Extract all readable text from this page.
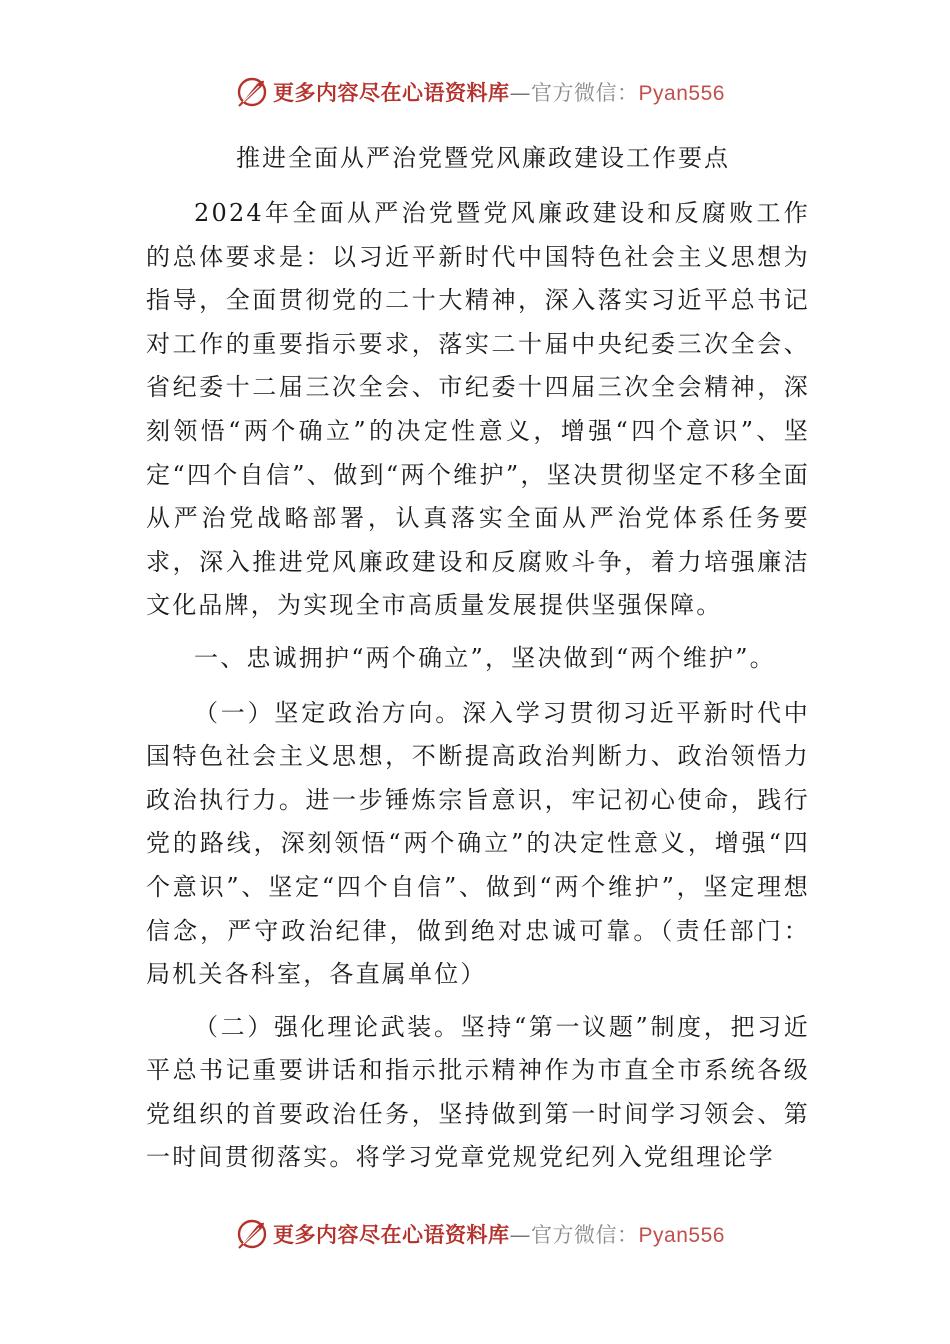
更多内容尽在心语资料库—官方微信：Pyan556
推进全面从严治党暨党风廉政建设工作要点

2024年全面从严治党暨党风廉政建设和反腐败工作的总体要求是：以习近平新时代中国特色社会主义思想为指导，全面贯彻党的二十大精神，深入落实习近平总书记对工作的重要指示要求，落实二十届中央纪委三次全会、省纪委十二届三次全会、市纪委十四届三次全会精神，深刻领悟“两个确立”的决定性意义，增强“四个意识”、坚定“四个自信”、做到“两个维护”，坚决贯彻坚定不移全面从严治党战略部署，认真落实全面从严治党体系任务要求，深入推进党风廉政建设和反腐败斗争，着力培强廉洁文化品牌，为实现全市高质量发展提供坚强保障。

一、忠诚拥护“两个确立”，坚决做到“两个维护”。

（一）坚定政治方向。深入学习贯彻习近平新时代中国特色社会主义思想，不断提高政治判断力、政治领悟力政治执行力。进一步锤炼宗旨意识，牢记初心使命，践行党的路线，深刻领悟“两个确立”的决定性意义，增强“四个意识”、坚定“四个自信”、做到“两个维护”，坚定理想信念，严守政治纪律，做到绝对忠诚可靠。（责任部门：局机关各科室，各直属单位）

（二）强化理论武装。坚持“第一议题”制度，把习近平总书记重要讲话和指示批示精神作为市直全市系统各级党组织的首要政治任务，坚持做到第一时间学习领会、第一时间贯彻落实。将学习党章党规党纪列入党组理论学

更多内容尽在心语资料库—官方微信：Pyan556
